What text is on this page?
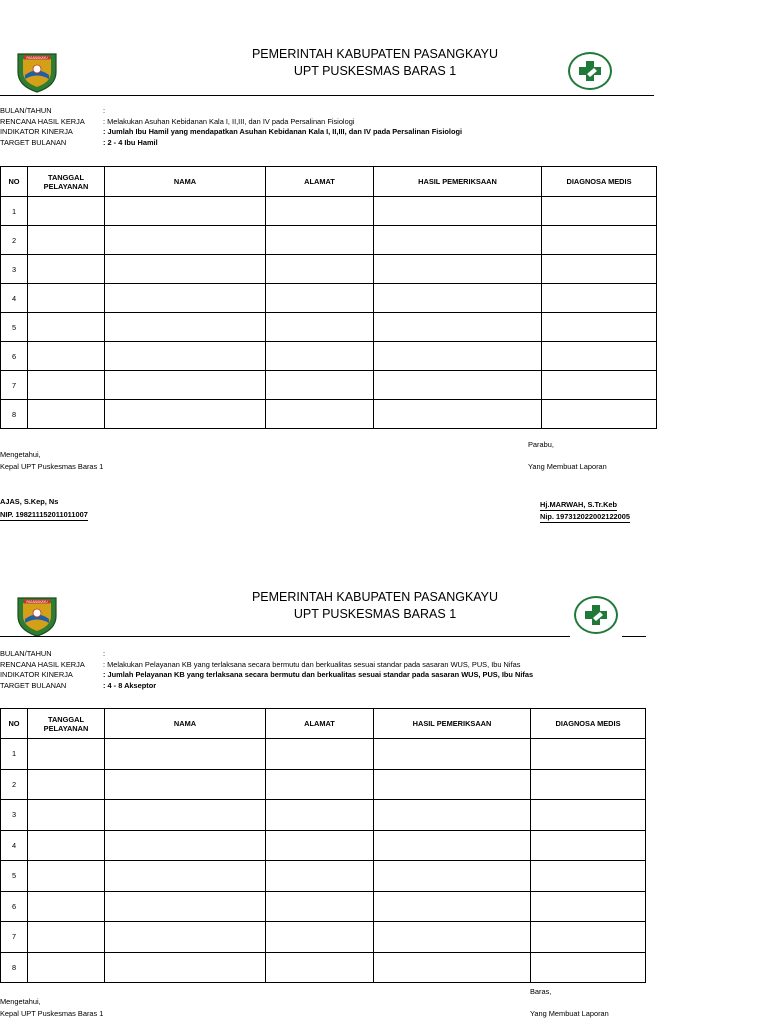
PASANGKAYU	PEMERINTAH KABUPATEN PASANGKAYU
UPT PUSKESMAS BARAS 1
BULAN/TAHUN	:
RENCANA HASIL KERJA	: Melakukan Asuhan Kebidanan Kala I, II,III, dan IV pada Persalinan Fisiologi
INDIKATOR KINERJA	: Jumlah Ibu Hamil yang mendapatkan Asuhan Kebidanan Kala I, II,III, dan IV pada Persalinan Fisiologi
TARGET BULANAN	: 2 - 4 Ibu Hamil
NO	TANGGAL PELAYANAN	NAMA	ALAMAT	HASIL PEMERIKSAAN	DIAGNOSA MEDIS
1					
2					
3					
4					
5					
6					
7					
8					
Parabu,
Mengetahui,
Kepal UPT Puskesmas Baras 1	Yang Membuat Laporan
AJAS, S.Kep, Ns
NIP. 198211152011011007
Hj.MARWAH, S.Tr.Keb
Nip. 197312022002122005
PASANGKAYU	PEMERINTAH KABUPATEN PASANGKAYU
UPT PUSKESMAS BARAS 1
BULAN/TAHUN	:
RENCANA HASIL KERJA	: Melakukan Pelayanan KB yang terlaksana secara bermutu dan berkualitas sesuai standar pada sasaran WUS, PUS, Ibu Nifas
INDIKATOR KINERJA	: Jumlah Pelayanan KB yang terlaksana secara bermutu dan berkualitas sesuai standar pada sasaran WUS, PUS, Ibu Nifas
TARGET BULANAN	: 4 - 8 Akseptor
NO	TANGGAL PELAYANAN	NAMA	ALAMAT	HASIL PEMERIKSAAN	DIAGNOSA MEDIS
1					
2					
3					
4					
5					
6					
7					
8					
Baras,
Mengetahui,
Kepal UPT Puskesmas Baras 1	Yang Membuat Laporan
